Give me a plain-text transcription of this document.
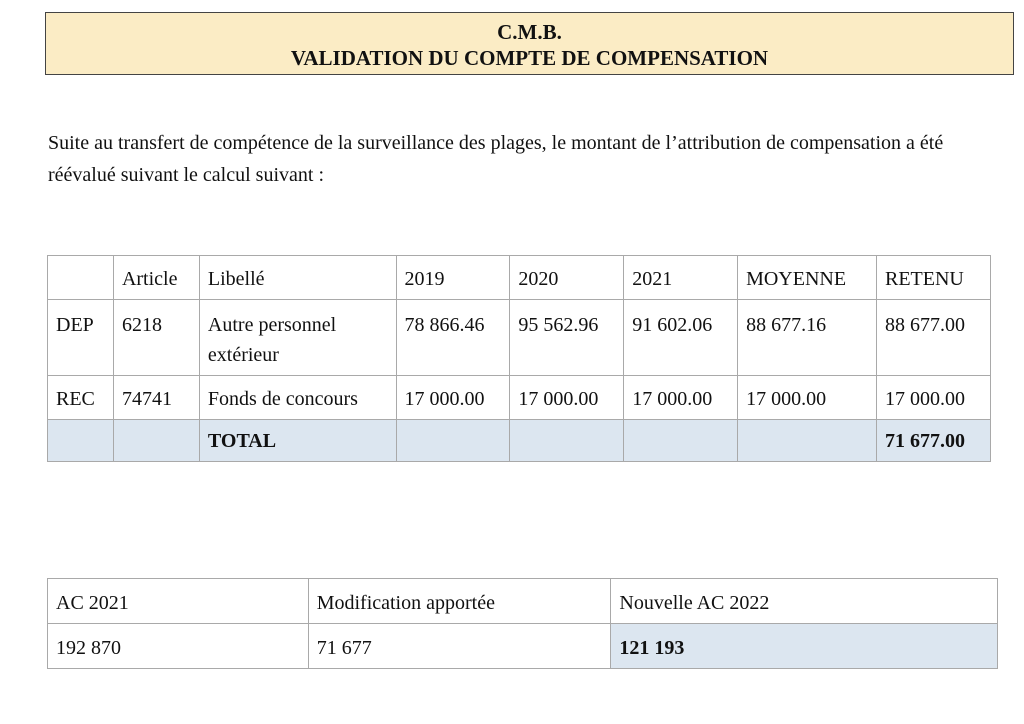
C.M.B.
VALIDATION DU COMPTE DE COMPENSATION
Suite au transfert de compétence de la surveillance des plages, le montant de l’attribution de compensation a été réévalué suivant le calcul suivant :
	Article	Libellé	2019	2020	2021	MOYENNE	RETENU
DEP	6218	Autre personnel extérieur	78 866.46	95 562.96	91 602.06	88 677.16	88 677.00
REC	74741	Fonds de concours	17 000.00	17 000.00	17 000.00	17 000.00	17 000.00
		TOTAL					71 677.00
AC 2021	Modification apportée	Nouvelle AC 2022
192 870	71 677	121 193
